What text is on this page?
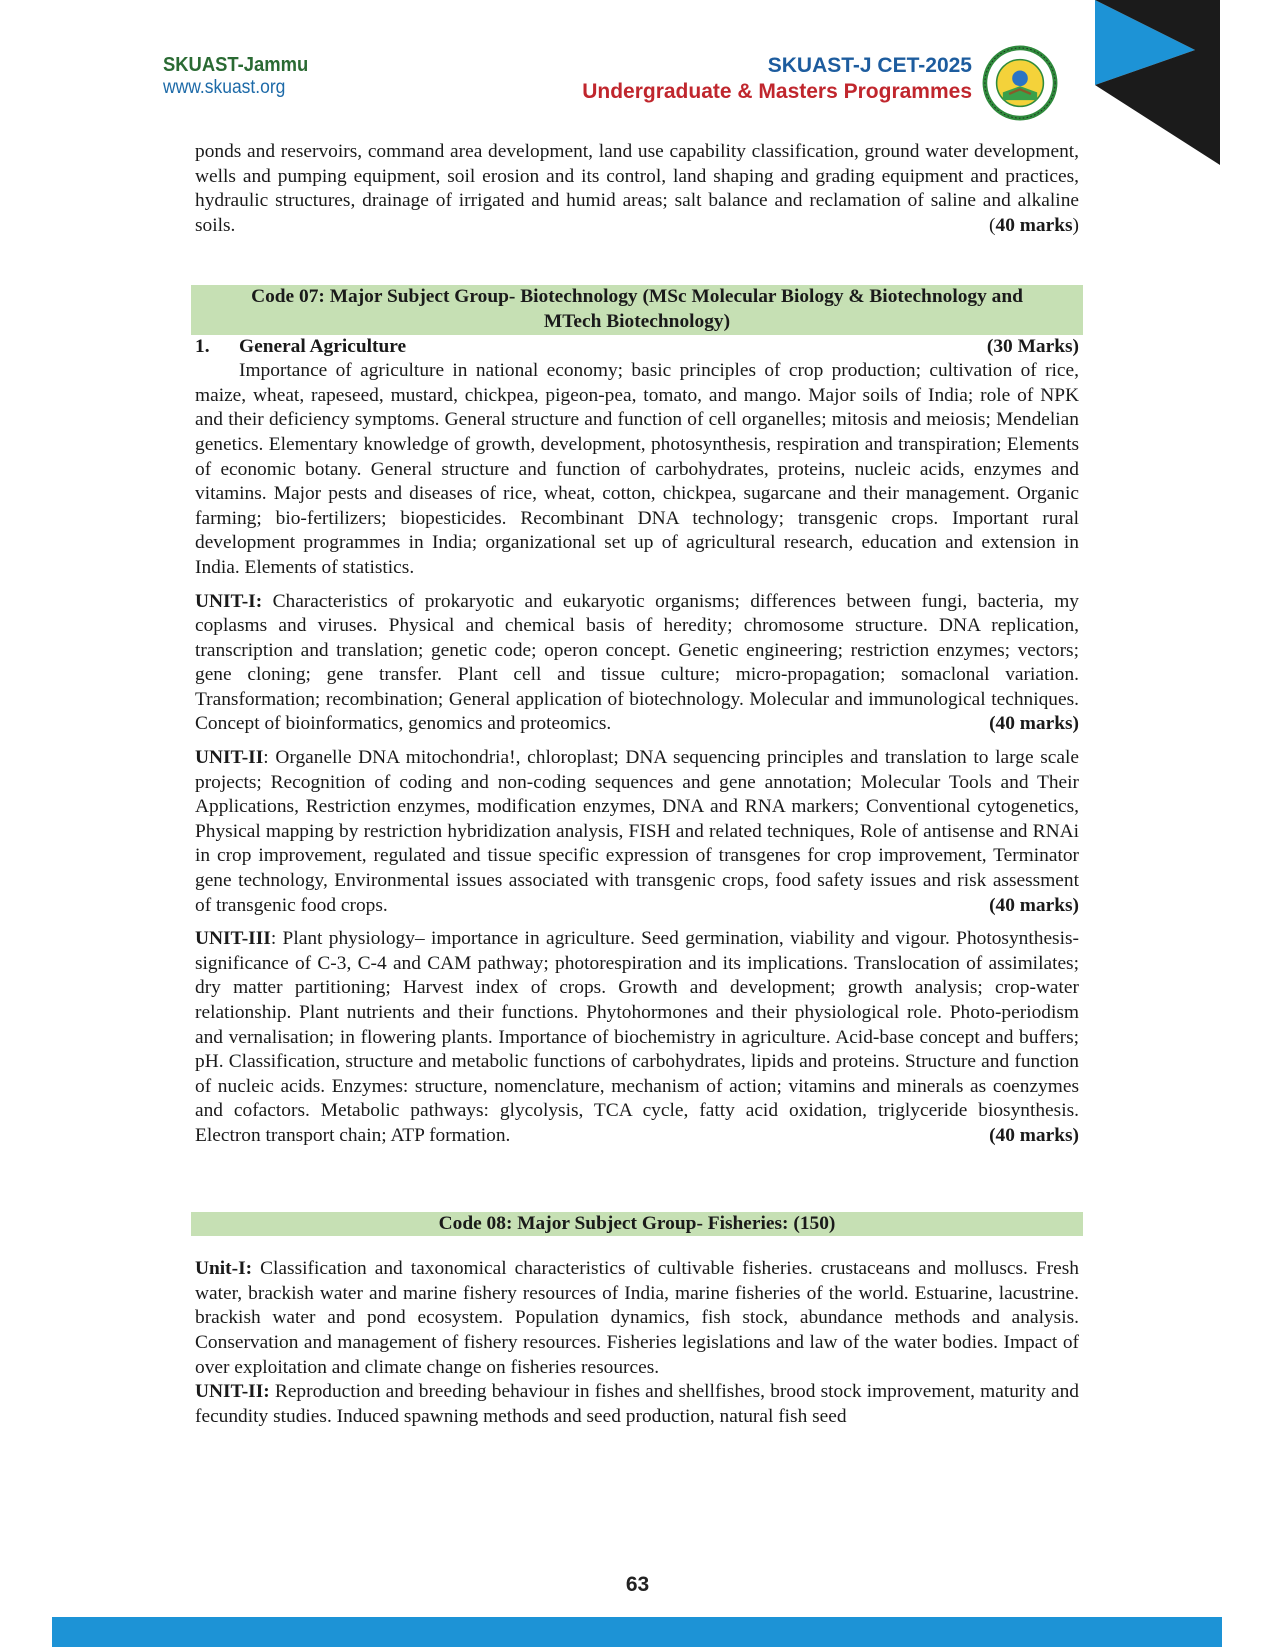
SKUAST-Jammu
www.skuast.org
SKUAST-J CET-2025
Undergraduate & Masters Programmes

ponds and reservoirs, command area development, land use capability classification, ground water development, wells and pumping equipment, soil erosion and its control, land shaping and grading equipment and practices, hydraulic structures, drainage of irrigated and humid areas; salt balance and reclamation of saline and alkaline soils.	(40 marks)

Code 07: Major Subject Group- Biotechnology (MSc Molecular Biology & Biotechnology and
MTech Biotechnology)
1. General Agriculture	(30 Marks)

Importance of agriculture in national economy; basic principles of crop production; cultivation of rice, maize, wheat, rapeseed, mustard, chickpea, pigeon-pea, tomato, and mango. Major soils of India; role of NPK and their deficiency symptoms. General structure and function of cell organelles; mitosis and meiosis; Mendelian genetics. Elementary knowledge of growth, development, photosynthesis, respiration and transpiration; Elements of economic botany. General structure and function of carbohydrates, proteins, nucleic acids, enzymes and vitamins. Major pests and diseases of rice, wheat, cotton, chickpea, sugarcane and their management. Organic farming; bio-fertilizers; biopesticides. Recombinant DNA technology; transgenic crops. Important rural development programmes in India; organizational set up of agricultural research, education and extension in India. Elements of statistics.

UNIT-I: Characteristics of prokaryotic and eukaryotic organisms; differences between fungi, bacteria, my coplasms and viruses. Physical and chemical basis of heredity; chromosome structure. DNA replication, transcription and translation; genetic code; operon concept. Genetic engineering; restriction enzymes; vectors; gene cloning; gene transfer. Plant cell and tissue culture; micro-propagation; somaclonal variation. Transformation; recombination; General application of biotechnology. Molecular and immunological techniques. Concept of bioinformatics, genomics and proteomics.	(40 marks)

UNIT-II: Organelle DNA mitochondria!, chloroplast; DNA sequencing principles and translation to large scale projects; Recognition of coding and non-coding sequences and gene annotation; Molecular Tools and Their Applications, Restriction enzymes, modification enzymes, DNA and RNA markers; Conventional cytogenetics, Physical mapping by restriction hybridization analysis, FISH and related techniques, Role of antisense and RNAi in crop improvement, regulated and tissue specific expression of transgenes for crop improvement, Terminator gene technology, Environmental issues associated with transgenic crops, food safety issues and risk assessment of transgenic food crops.	(40 marks)

UNIT-III: Plant physiology– importance in agriculture. Seed germination, viability and vigour. Photosynthesis- significance of C-3, C-4 and CAM pathway; photorespiration and its implications. Translocation of assimilates; dry matter partitioning; Harvest index of crops. Growth and development; growth analysis; crop-water relationship. Plant nutrients and their functions. Phytohormones and their physiological role. Photo-periodism and vernalisation; in flowering plants. Importance of biochemistry in agriculture. Acid-base concept and buffers; pH. Classification, structure and metabolic functions of carbohydrates, lipids and proteins. Structure and function of nucleic acids. Enzymes: structure, nomenclature, mechanism of action; vitamins and minerals as coenzymes and cofactors. Metabolic pathways: glycolysis, TCA cycle, fatty acid oxidation, triglyceride biosynthesis. Electron transport chain; ATP formation.	(40 marks)

Code 08: Major Subject Group- Fisheries: (150)

Unit-I: Classification and taxonomical characteristics of cultivable fisheries. crustaceans and molluscs. Fresh water, brackish water and marine fishery resources of India, marine fisheries of the world. Estuarine, lacustrine. brackish water and pond ecosystem. Population dynamics, fish stock, abundance methods and analysis. Conservation and management of fishery resources. Fisheries legislations and law of the water bodies. Impact of over exploitation and climate change on fisheries resources.

UNIT-II: Reproduction and breeding behaviour in fishes and shellfishes, brood stock improvement, maturity and fecundity studies. Induced spawning methods and seed production, natural fish seed

63
